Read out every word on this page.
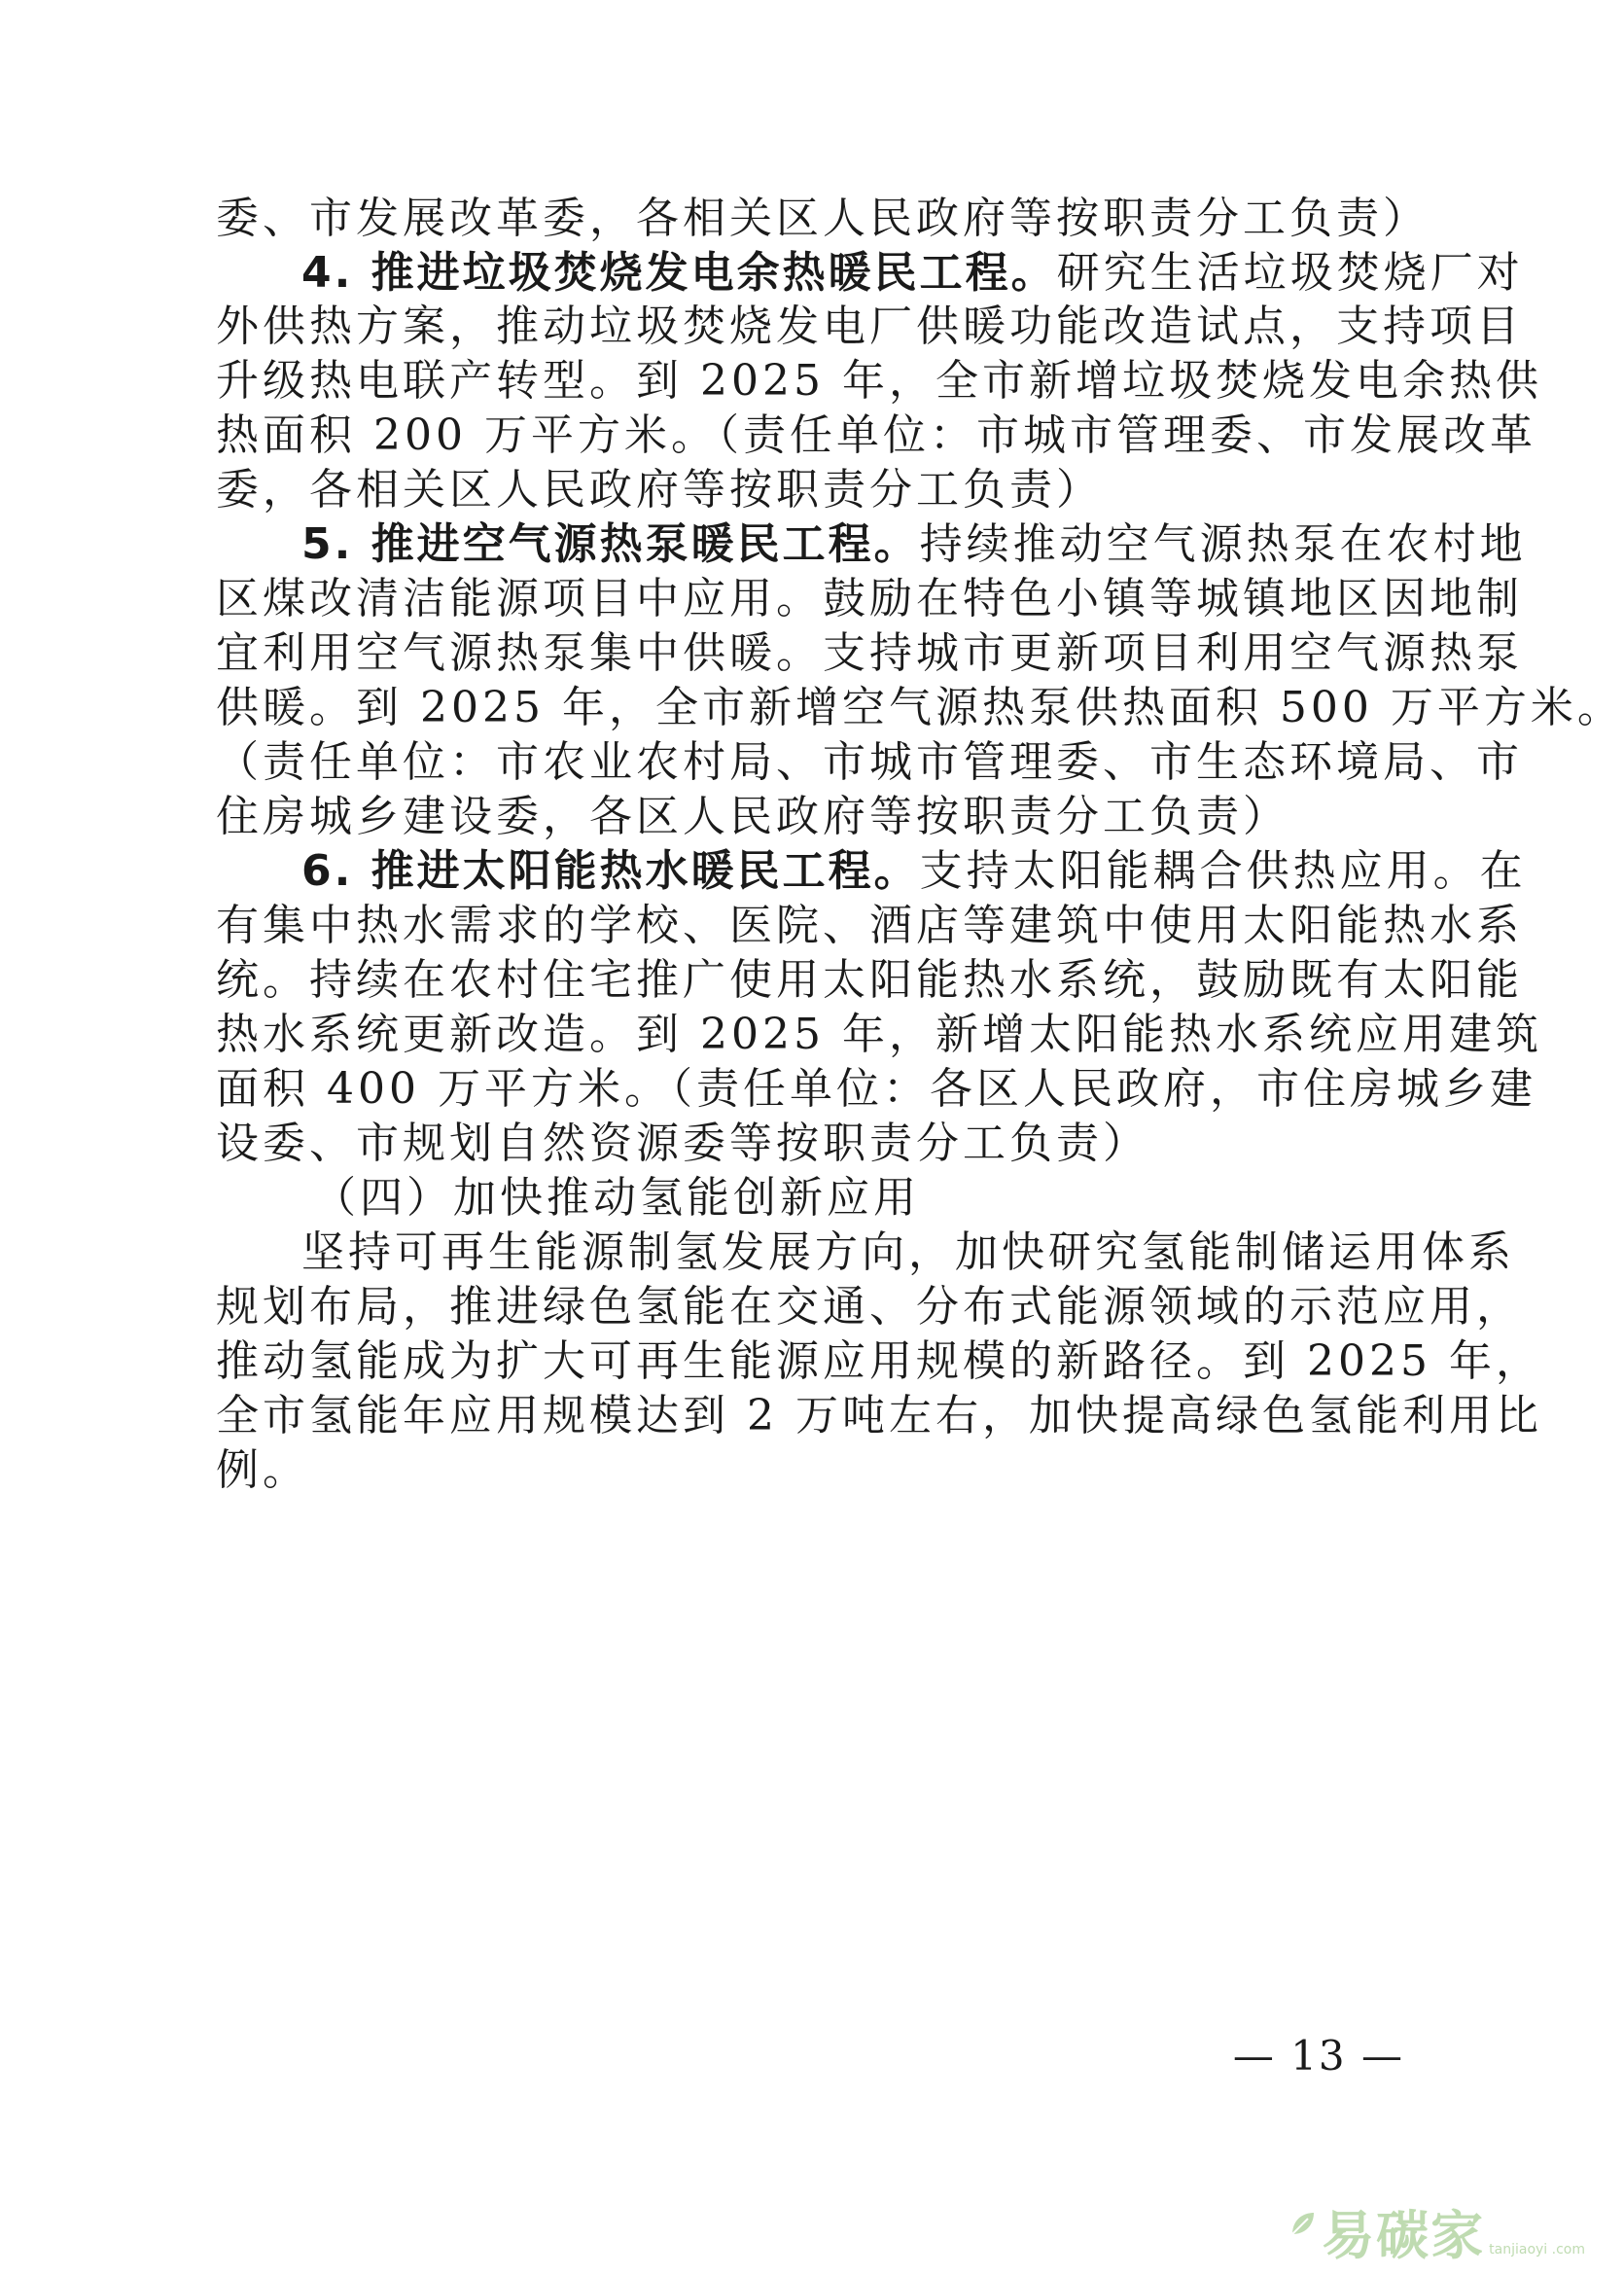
委、市发展改革委，各相关区人民政府等按职责分工负责）
4. 推进垃圾焚烧发电余热暖民工程。研究生活垃圾焚烧厂对
外供热方案，推动垃圾焚烧发电厂供暖功能改造试点，支持项目
升级热电联产转型。到 2025 年，全市新增垃圾焚烧发电余热供
热面积 200 万平方米。（责任单位：市城市管理委、市发展改革
委，各相关区人民政府等按职责分工负责）
5. 推进空气源热泵暖民工程。持续推动空气源热泵在农村地
区煤改清洁能源项目中应用。鼓励在特色小镇等城镇地区因地制
宜利用空气源热泵集中供暖。支持城市更新项目利用空气源热泵
供暖。到 2025 年，全市新增空气源热泵供热面积 500 万平方米。
（责任单位：市农业农村局、市城市管理委、市生态环境局、市
住房城乡建设委，各区人民政府等按职责分工负责）
6. 推进太阳能热水暖民工程。支持太阳能耦合供热应用。在
有集中热水需求的学校、医院、酒店等建筑中使用太阳能热水系
统。持续在农村住宅推广使用太阳能热水系统，鼓励既有太阳能
热水系统更新改造。到 2025 年，新增太阳能热水系统应用建筑
面积 400 万平方米。（责任单位：各区人民政府，市住房城乡建
设委、市规划自然资源委等按职责分工负责）
（四）加快推动氢能创新应用
坚持可再生能源制氢发展方向，加快研究氢能制储运用体系
规划布局，推进绿色氢能在交通、分布式能源领域的示范应用，
推动氢能成为扩大可再生能源应用规模的新路径。到 2025 年，
全市氢能年应用规模达到 2 万吨左右，加快提高绿色氢能利用比
例。
— 13 —
易碳家 tanjiaoyi .com
